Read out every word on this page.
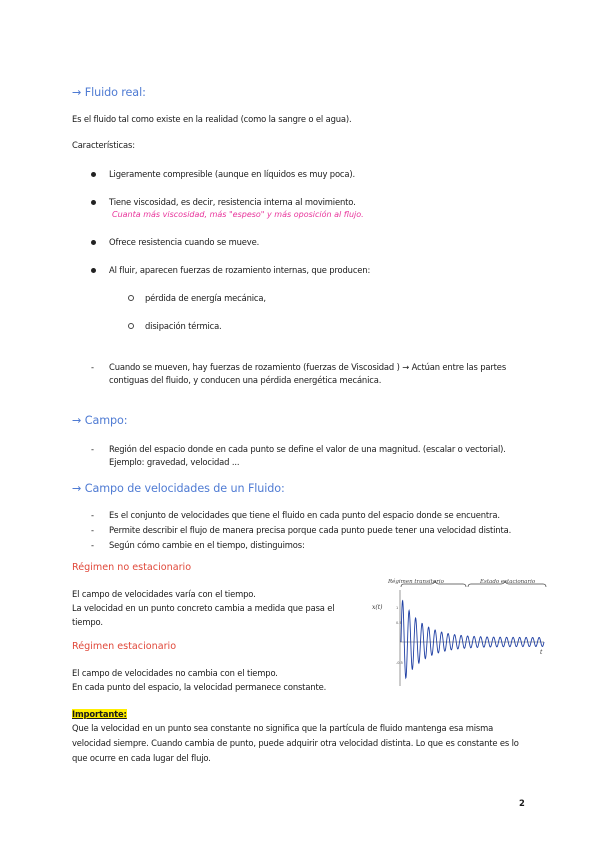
→ Fluido real:
Es el fluido tal como existe en la realidad (como la sangre o el agua).
Características:
Ligeramente compresible (aunque en líquidos es muy poca).
Tiene viscosidad, es decir, resistencia interna al movimiento.
Cuanta más viscosidad, más "espeso" y más oposición al flujo.
Ofrece resistencia cuando se mueve.
Al fluir, aparecen fuerzas de rozamiento internas, que producen:
pérdida de energía mecánica,
disipación térmica.
- Cuando se mueven, hay fuerzas de rozamiento (fuerzas de Viscosidad ) → Actúan entre las partes
contiguas del fluido, y conducen una pérdida energética mecánica.
→ Campo:
- Región del espacio donde en cada punto se define el valor de una magnitud. (escalar o vectorial).
Ejemplo: gravedad, velocidad ...
→ Campo de velocidades de un Fluido:
- Es el conjunto de velocidades que tiene el fluido en cada punto del espacio donde se encuentra.
- Permite describir el flujo de manera precisa porque cada punto puede tener una velocidad distinta.
- Según cómo cambie en el tiempo, distinguimos:
Régimen no estacionario
El campo de velocidades varía con el tiempo.
La velocidad en un punto concreto cambia a medida que pasa el
tiempo.
Régimen estacionario
El campo de velocidades no cambia con el tiempo.
En cada punto del espacio, la velocidad permanece constante.
Régimen transitorio	Estado estacionario
x(t)	1
0.5
-0.5
t
Importante:
Que la velocidad en un punto sea constante no significa que la partícula de fluido mantenga esa misma
velocidad siempre. Cuando cambia de punto, puede adquirir otra velocidad distinta. Lo que es constante es lo
que ocurre en cada lugar del flujo.
2
